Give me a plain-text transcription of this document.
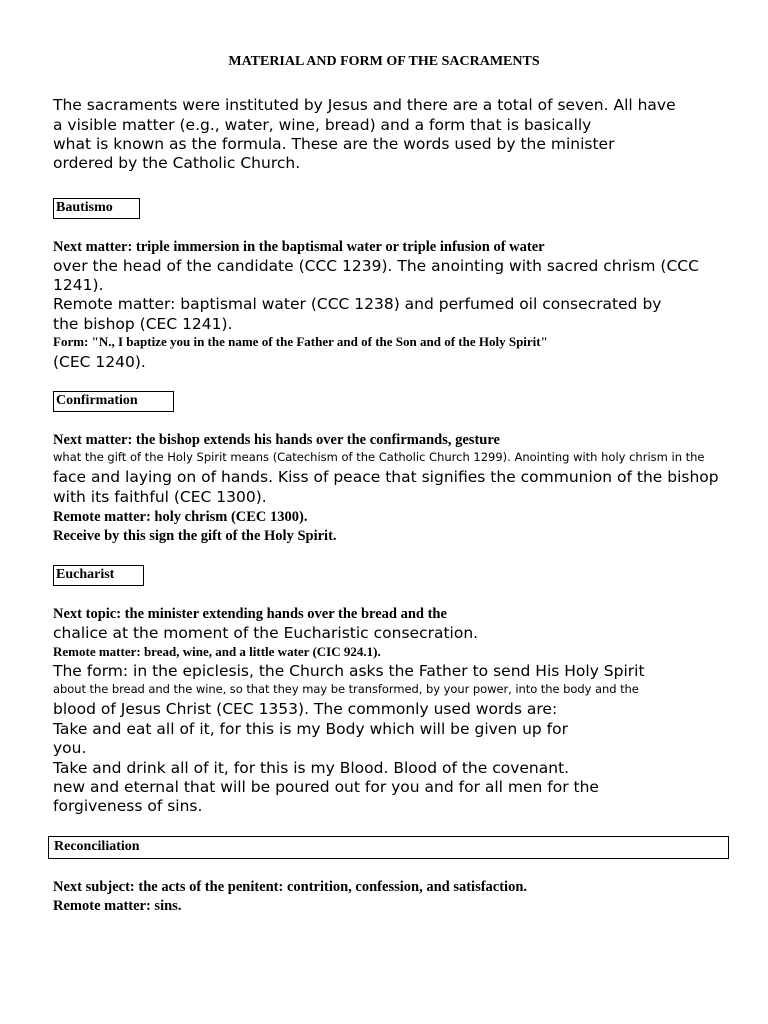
MATERIAL AND FORM OF THE SACRAMENTS
The sacraments were instituted by Jesus and there are a total of seven. All have
a visible matter (e.g., water, wine, bread) and a form that is basically
what is known as the formula. These are the words used by the minister
ordered by the Catholic Church.
Bautismo
Next matter: triple immersion in the baptismal water or triple infusion of water
over the head of the candidate (CCC 1239). The anointing with sacred chrism (CCC
1241).
Remote matter: baptismal water (CCC 1238) and perfumed oil consecrated by
the bishop (CEC 1241).
Form: "N., I baptize you in the name of the Father and of the Son and of the Holy Spirit"
(CEC 1240).
Confirmation
Next matter: the bishop extends his hands over the confirmands, gesture
what the gift of the Holy Spirit means (Catechism of the Catholic Church 1299). Anointing with holy chrism in the
face and laying on of hands. Kiss of peace that signifies the communion of the bishop
with its faithful (CEC 1300).
Remote matter: holy chrism (CEC 1300).
Receive by this sign the gift of the Holy Spirit.
Eucharist
Next topic: the minister extending hands over the bread and the
chalice at the moment of the Eucharistic consecration.
Remote matter: bread, wine, and a little water (CIC 924.1).
The form: in the epiclesis, the Church asks the Father to send His Holy Spirit
about the bread and the wine, so that they may be transformed, by your power, into the body and the
blood of Jesus Christ (CEC 1353). The commonly used words are:
Take and eat all of it, for this is my Body which will be given up for
you.
Take and drink all of it, for this is my Blood. Blood of the covenant.
new and eternal that will be poured out for you and for all men for the
forgiveness of sins.
Reconciliation
Next subject: the acts of the penitent: contrition, confession, and satisfaction.
Remote matter: sins.
